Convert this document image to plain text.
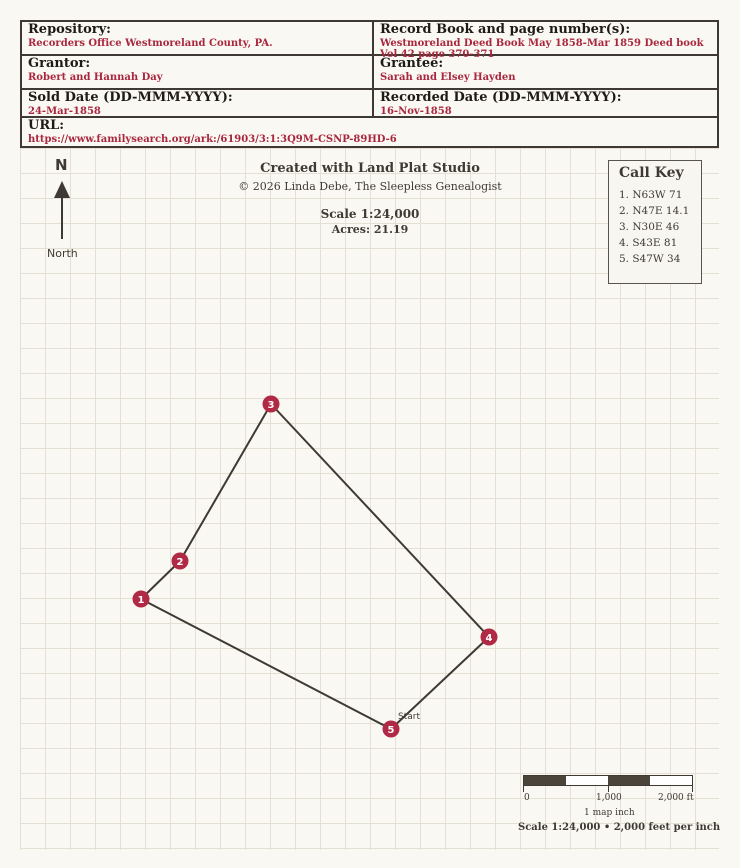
Repository:
Recorders Office Westmoreland County, PA.
Record Book and page number(s):
Westmoreland Deed Book May 1858-Mar 1859 Deed book Vol 42 page 370-371
Grantor:
Robert and Hannah Day
Grantee:
Sarah and Elsey Hayden
Sold Date (DD-MMM-YYYY):
24-Mar-1858
Recorded Date (DD-MMM-YYYY):
16-Nov-1858
URL:
https://www.familysearch.org/ark:/61903/3:1:3Q9M-CSNP-89HD-6
N
North
Created with Land Plat Studio
© 2026 Linda Debe, The Sleepless Genealogist
Scale 1:24,000
Acres: 21.19
Call Key
1. N63W 71
2. N47E 14.1
3. N30E 46
4. S43E 81
5. S47W 34
1
2
3
4
5
Start
0	1,000	2,000 ft
1 map inch
Scale 1:24,000 • 2,000 feet per inch
